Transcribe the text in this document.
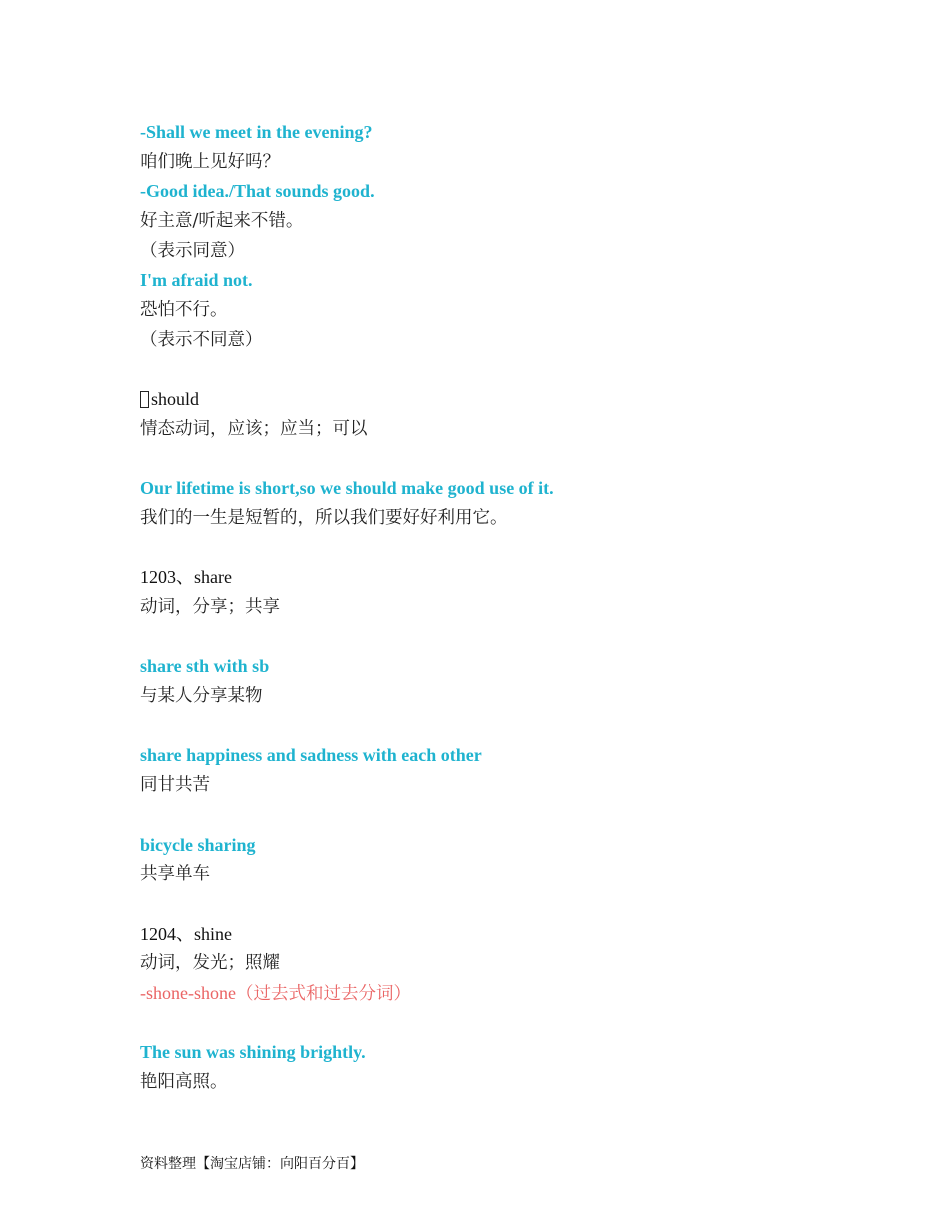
-Shall we meet in the evening?
咱们晚上见好吗？
-Good idea./That sounds good.
好主意/听起来不错。
（表示同意）
I'm afraid not.
恐怕不行。
（表示不同意）
should
情态动词，应该；应当；可以
Our lifetime is short,so we should make good use of it.
我们的一生是短暂的，所以我们要好好利用它。
1203、share
动词，分享；共享
share sth with sb
与某人分享某物
share happiness and sadness with each other
同甘共苦
bicycle sharing
共享单车
1204、shine
动词，发光；照耀
-shone-shone（过去式和过去分词）
The sun was shining brightly.
艳阳高照。
资料整理【淘宝店铺：向阳百分百】
